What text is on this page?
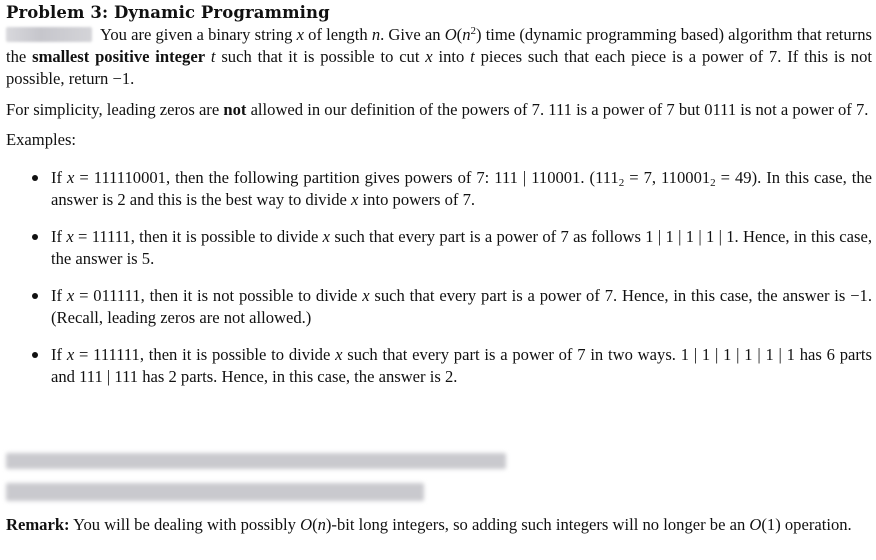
Problem 3: Dynamic Programming

You are given a binary string x of length n. Give an $O(n^2)$ time (dynamic programming based) algorithm that returns the smallest positive integer t such that it is possible to cut x into t pieces such that each piece is a power of 7. If this is not possible, return −1.

For simplicity, leading zeros are not allowed in our definition of the powers of 7. 111 is a power of 7 but 0111 is not a power of 7.

Examples:

If x = 111110001, then the following partition gives powers of 7: 111 | 110001. ($111_2 = 7$, $110001_2 = 49$). In this case, the answer is 2 and this is the best way to divide x into powers of 7.
If x = 11111, then it is possible to divide x such that every part is a power of 7 as follows 1 | 1 | 1 | 1 | 1. Hence, in this case, the answer is 5.
If x = 011111, then it is not possible to divide x such that every part is a power of 7. Hence, in this case, the answer is −1. (Recall, leading zeros are not allowed.)
If x = 111111, then it is possible to divide x such that every part is a power of 7 in two ways. 1 | 1 | 1 | 1 | 1 | 1 has 6 parts and 111 | 111 has 2 parts. Hence, in this case, the answer is 2.

Remark: You will be dealing with possibly O(n)-bit long integers, so adding such integers will no longer be an O(1) operation.
